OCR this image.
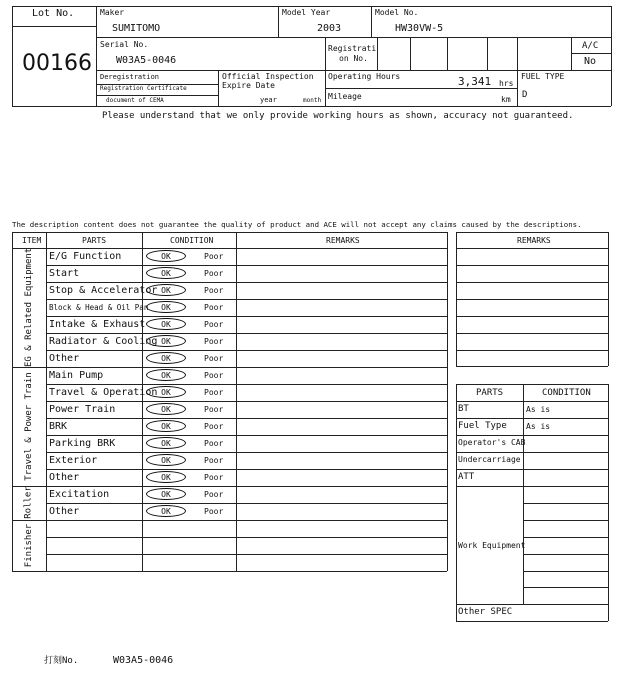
Lot No.
00166
Maker
SUMITOMO
Model Year
2003
Model No.
HW30VW-5
Serial No.
W03A5-0046
Registrati
on No.
A/C
No
Deregistration
Registration Certificate
document of CEMA
Official Inspection
Expire Date
year	month
Operating Hours	3,341 hrs
Mileage	km
FUEL TYPE
D
Please understand that we only provide working hours as shown, accuracy not guaranteed.
The description content does not guarantee the quality of product and ACE will not accept any claims caused by the descriptions.
ITEM	PARTS	CONDITION	REMARKS
E/G Function	OK	Poor
Start	OK	Poor
Stop & Accelerator OK	Poor
Block & Head & Oil Pan	OK	Poor
Intake & Exhaust	OK	Poor
Radiator & Cooling OK	Poor
Other	OK	Poor
EG & Related Equipment
Main Pump	OK	Poor
Travel & Operation OK	Poor
Power Train	OK	Poor
BRK	OK	Poor
Parking BRK	OK	Poor
Exterior	OK	Poor
Other	OK	Poor
Travel & Power Train
Excitation	OK	Poor
Other	OK	Poor
Roller
Finisher
REMARKS
PARTS	CONDITION
BT	As is
Fuel Type As is
Operator's CAB
Undercarriage
ATT
Work Equipment
Other SPEC
打刻No.	W03A5-0046
